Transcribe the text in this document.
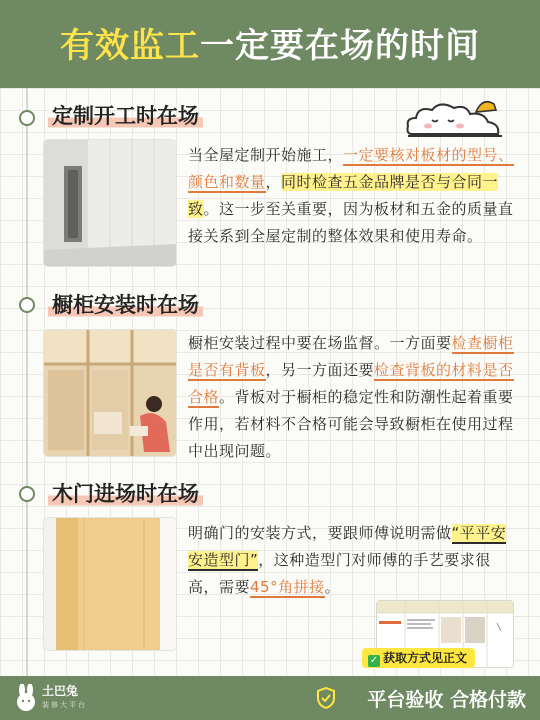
有效监工一定要在场的时间
定制开工时在场
当全屋定制开始施工，一定要核对板材的型号、颜色和数量，同时检查五金品牌是否与合同一致。这一步至关重要，因为板材和五金的质量直接关系到全屋定制的整体效果和使用寿命。
橱柜安装时在场
橱柜安装过程中要在场监督。一方面要检查橱柜是否有背板，另一方面还要检查背板的材料是否合格。背板对于橱柜的稳定性和防潮性起着重要作用，若材料不合格可能会导致橱柜在使用过程中出现问题。
木门进场时在场
明确门的安装方式，要跟师傅说明需做“平平安安造型门”，这种造型门对师傅的手艺要求很高，需要45°角拼接。
✓ 获取方式见正文
土巴兔
装修大平台	平台验收 合格付款
